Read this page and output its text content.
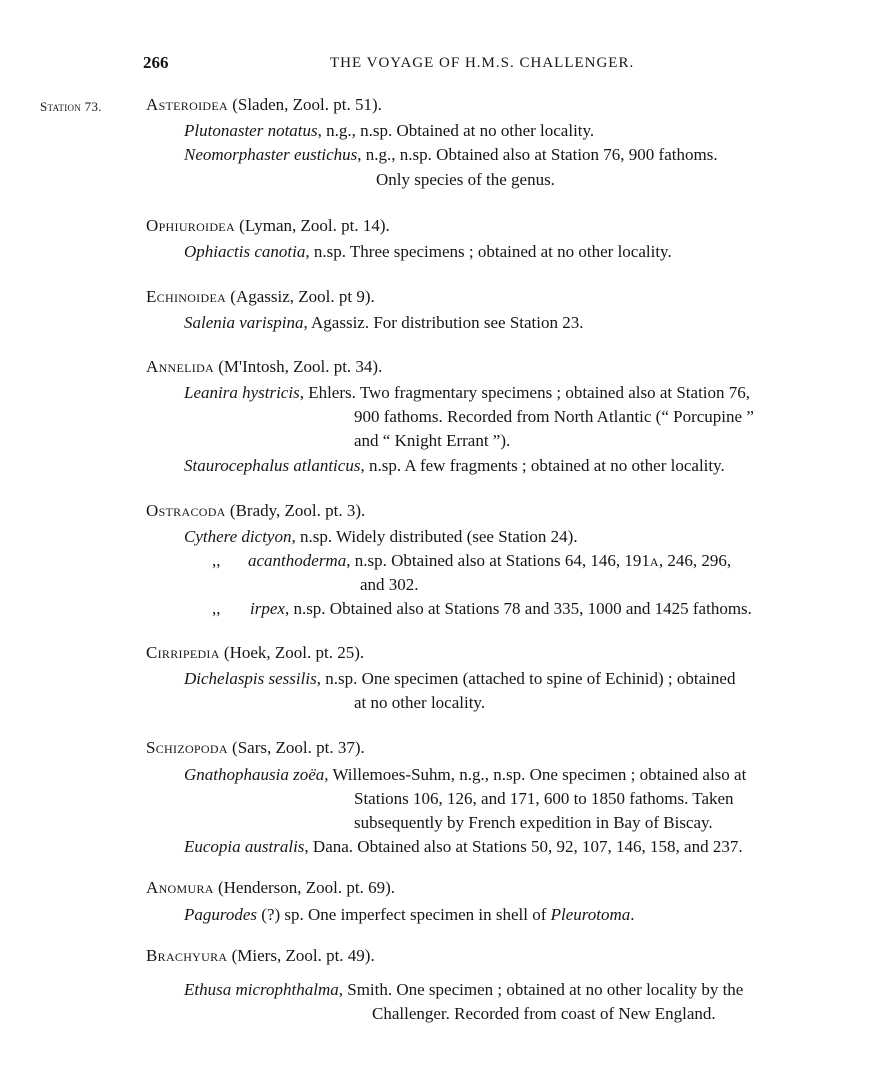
266	THE VOYAGE OF H.M.S. CHALLENGER.
Station 73.	Asteroidea (Sladen, Zool. pt. 51).
Plutonaster notatus, n.g., n.sp. Obtained at no other locality.
Neomorphaster eustichus, n.g., n.sp. Obtained also at Station 76, 900 fathoms.
Only species of the genus.
Ophiuroidea (Lyman, Zool. pt. 14).
Ophiactis canotia, n.sp. Three specimens ; obtained at no other locality.
Echinoidea (Agassiz, Zool. pt 9).
Salenia varispina, Agassiz. For distribution see Station 23.
Annelida (M'Intosh, Zool. pt. 34).
Leanira hystricis, Ehlers. Two fragmentary specimens ; obtained also at Station 76,
900 fathoms. Recorded from North Atlantic (“ Porcupine ”
and “ Knight Errant ”).
Staurocephalus atlanticus, n.sp. A few fragments ; obtained at no other locality.
Ostracoda (Brady, Zool. pt. 3).
Cythere dictyon, n.sp. Widely distributed (see Station 24).
,, acanthoderma, n.sp. Obtained also at Stations 64, 146, 191a, 246, 296,
and 302.
,, irpex, n.sp. Obtained also at Stations 78 and 335, 1000 and 1425 fathoms.
Cirripedia (Hoek, Zool. pt. 25).
Dichelaspis sessilis, n.sp. One specimen (attached to spine of Echinid) ; obtained
at no other locality.
Schizopoda (Sars, Zool. pt. 37).
Gnathophausia zoëa, Willemoes-Suhm, n.g., n.sp. One specimen ; obtained also at
Stations 106, 126, and 171, 600 to 1850 fathoms. Taken
subsequently by French expedition in Bay of Biscay.
Eucopia australis, Dana. Obtained also at Stations 50, 92, 107, 146, 158, and 237.
Anomura (Henderson, Zool. pt. 69).
Pagurodes (?) sp. One imperfect specimen in shell of Pleurotoma.
Brachyura (Miers, Zool. pt. 49).
Ethusa microphthalma, Smith. One specimen ; obtained at no other locality by the
Challenger. Recorded from coast of New England.
